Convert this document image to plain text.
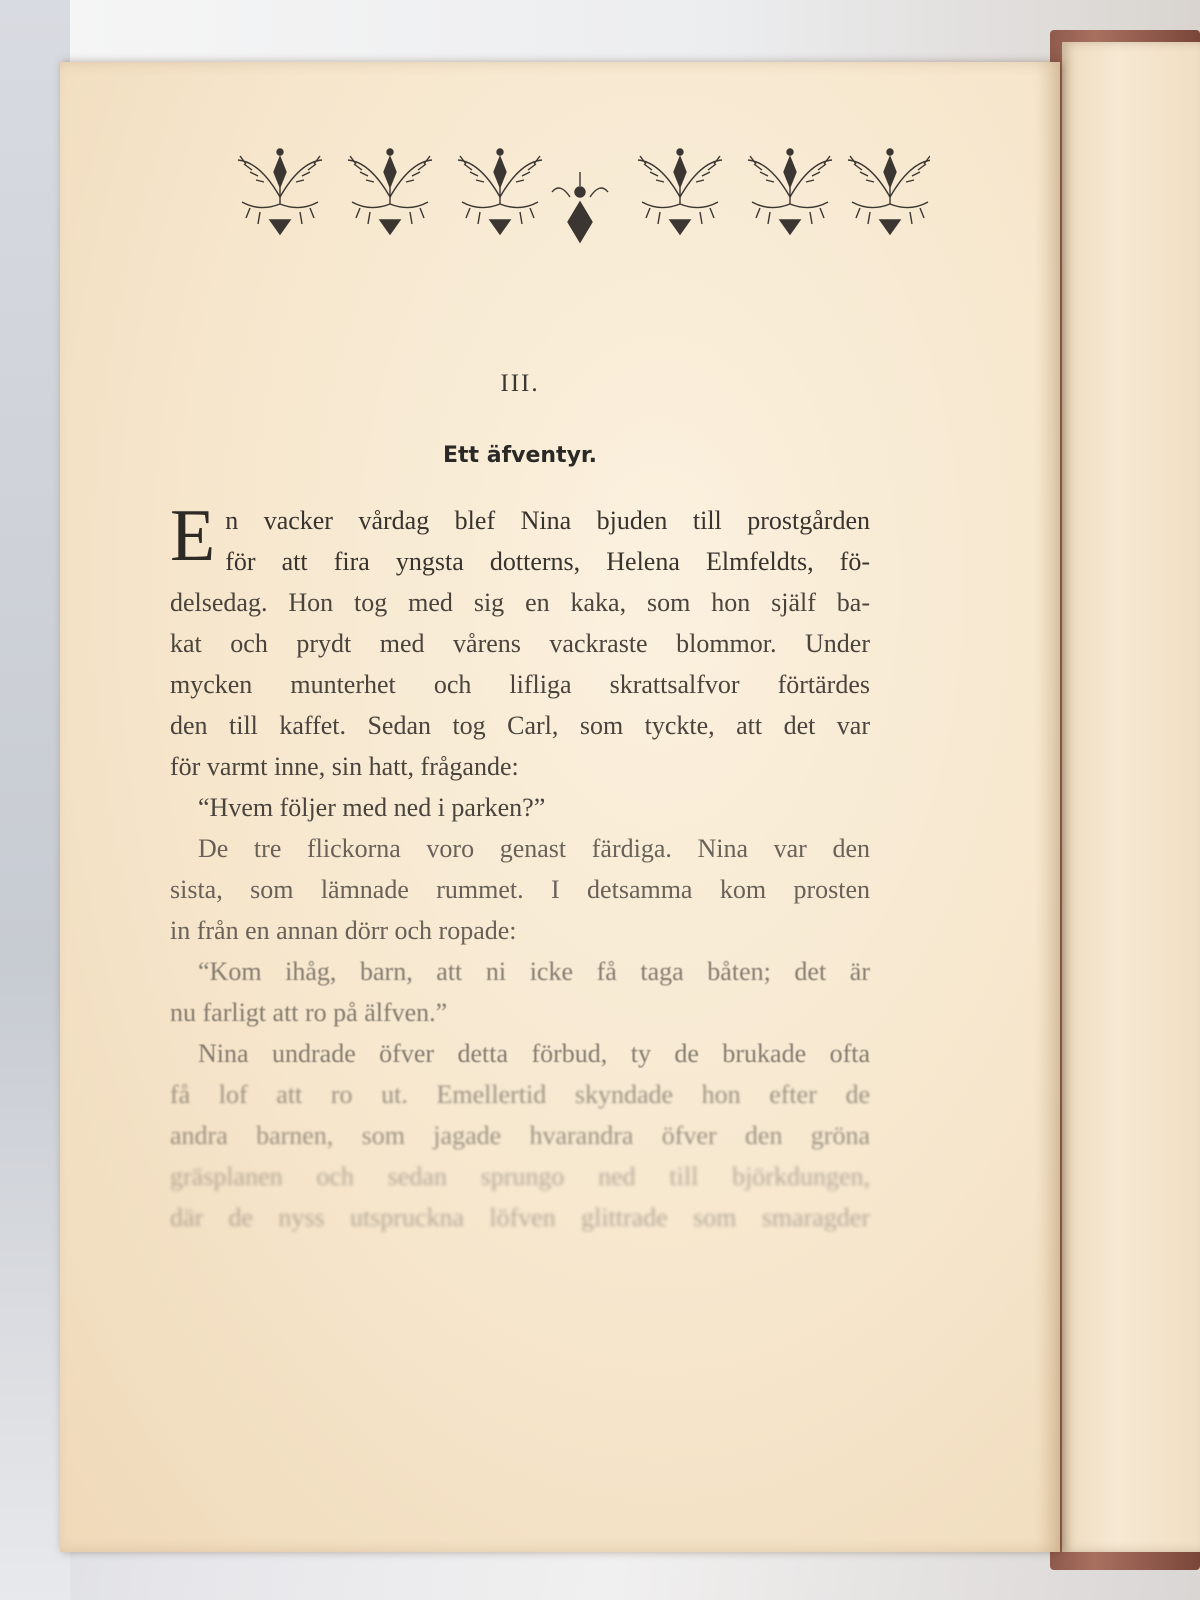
III.
Ett äfventyr.
E n vacker vårdag blef Nina bjuden till prostgården
för att fira yngsta dotterns, Helena Elmfeldts, fö-
delsedag. Hon tog med sig en kaka, som hon själf ba-
kat och prydt med vårens vackraste blommor. Under
mycken munterhet och lifliga skrattsalfvor förtärdes
den till kaffet. Sedan tog Carl, som tyckte, att det var
för varmt inne, sin hatt, frågande:
“Hvem följer med ned i parken?”
De tre flickorna voro genast färdiga. Nina var den
sista, som lämnade rummet. I detsamma kom prosten
in från en annan dörr och ropade:
“Kom ihåg, barn, att ni icke få taga båten; det är
nu farligt att ro på älfven.”
Nina undrade öfver detta förbud, ty de brukade ofta
få lof att ro ut. Emellertid skyndade hon efter de
andra barnen, som jagade hvarandra öfver den gröna
gräsplanen och sedan sprungo ned till björkdungen,
där de nyss utspruckna löfven glittrade som smaragder
